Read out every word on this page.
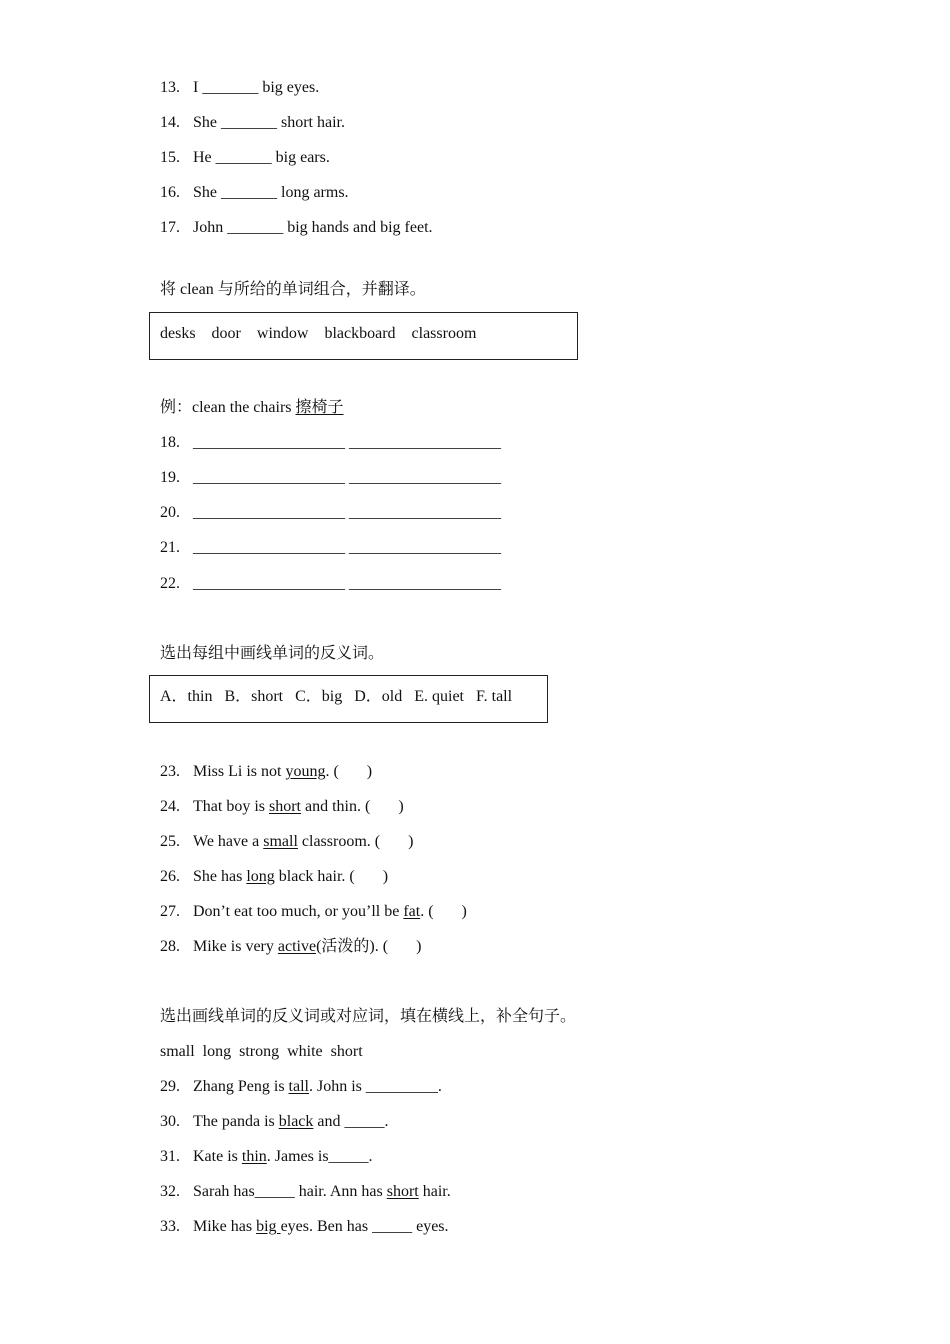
13. I _______ big eyes.
14. She _______ short hair.
15. He _______ big ears.
16. She _______ long arms.
17. John _______ big hands and big feet.
将 clean 与所给的单词组合，并翻译。
desks    door    window    blackboard    classroom
例：clean the chairs 擦椅子
18. ___________________ ___________________
19. ___________________ ___________________
20. ___________________ ___________________
21. ___________________ ___________________
22. ___________________ ___________________
选出每组中画线单词的反义词。
A．thin   B．short   C．big   D．old   E. quiet   F. tall
23. Miss Li is not young. (       )
24. That boy is short and thin. (       )
25. We have a small classroom. (       )
26. She has long black hair. (       )
27. Don’t eat too much, or you’ll be fat. (       )
28. Mike is very active(活泼的). (       )
选出画线单词的反义词或对应词，填在横线上，补全句子。
small  long  strong  white  short
29. Zhang Peng is tall. John is _________.
30. The panda is black and _____.
31. Kate is thin. James is_____.
32. Sarah has_____ hair. Ann has short hair.
33. Mike has big eyes. Ben has _____ eyes.
